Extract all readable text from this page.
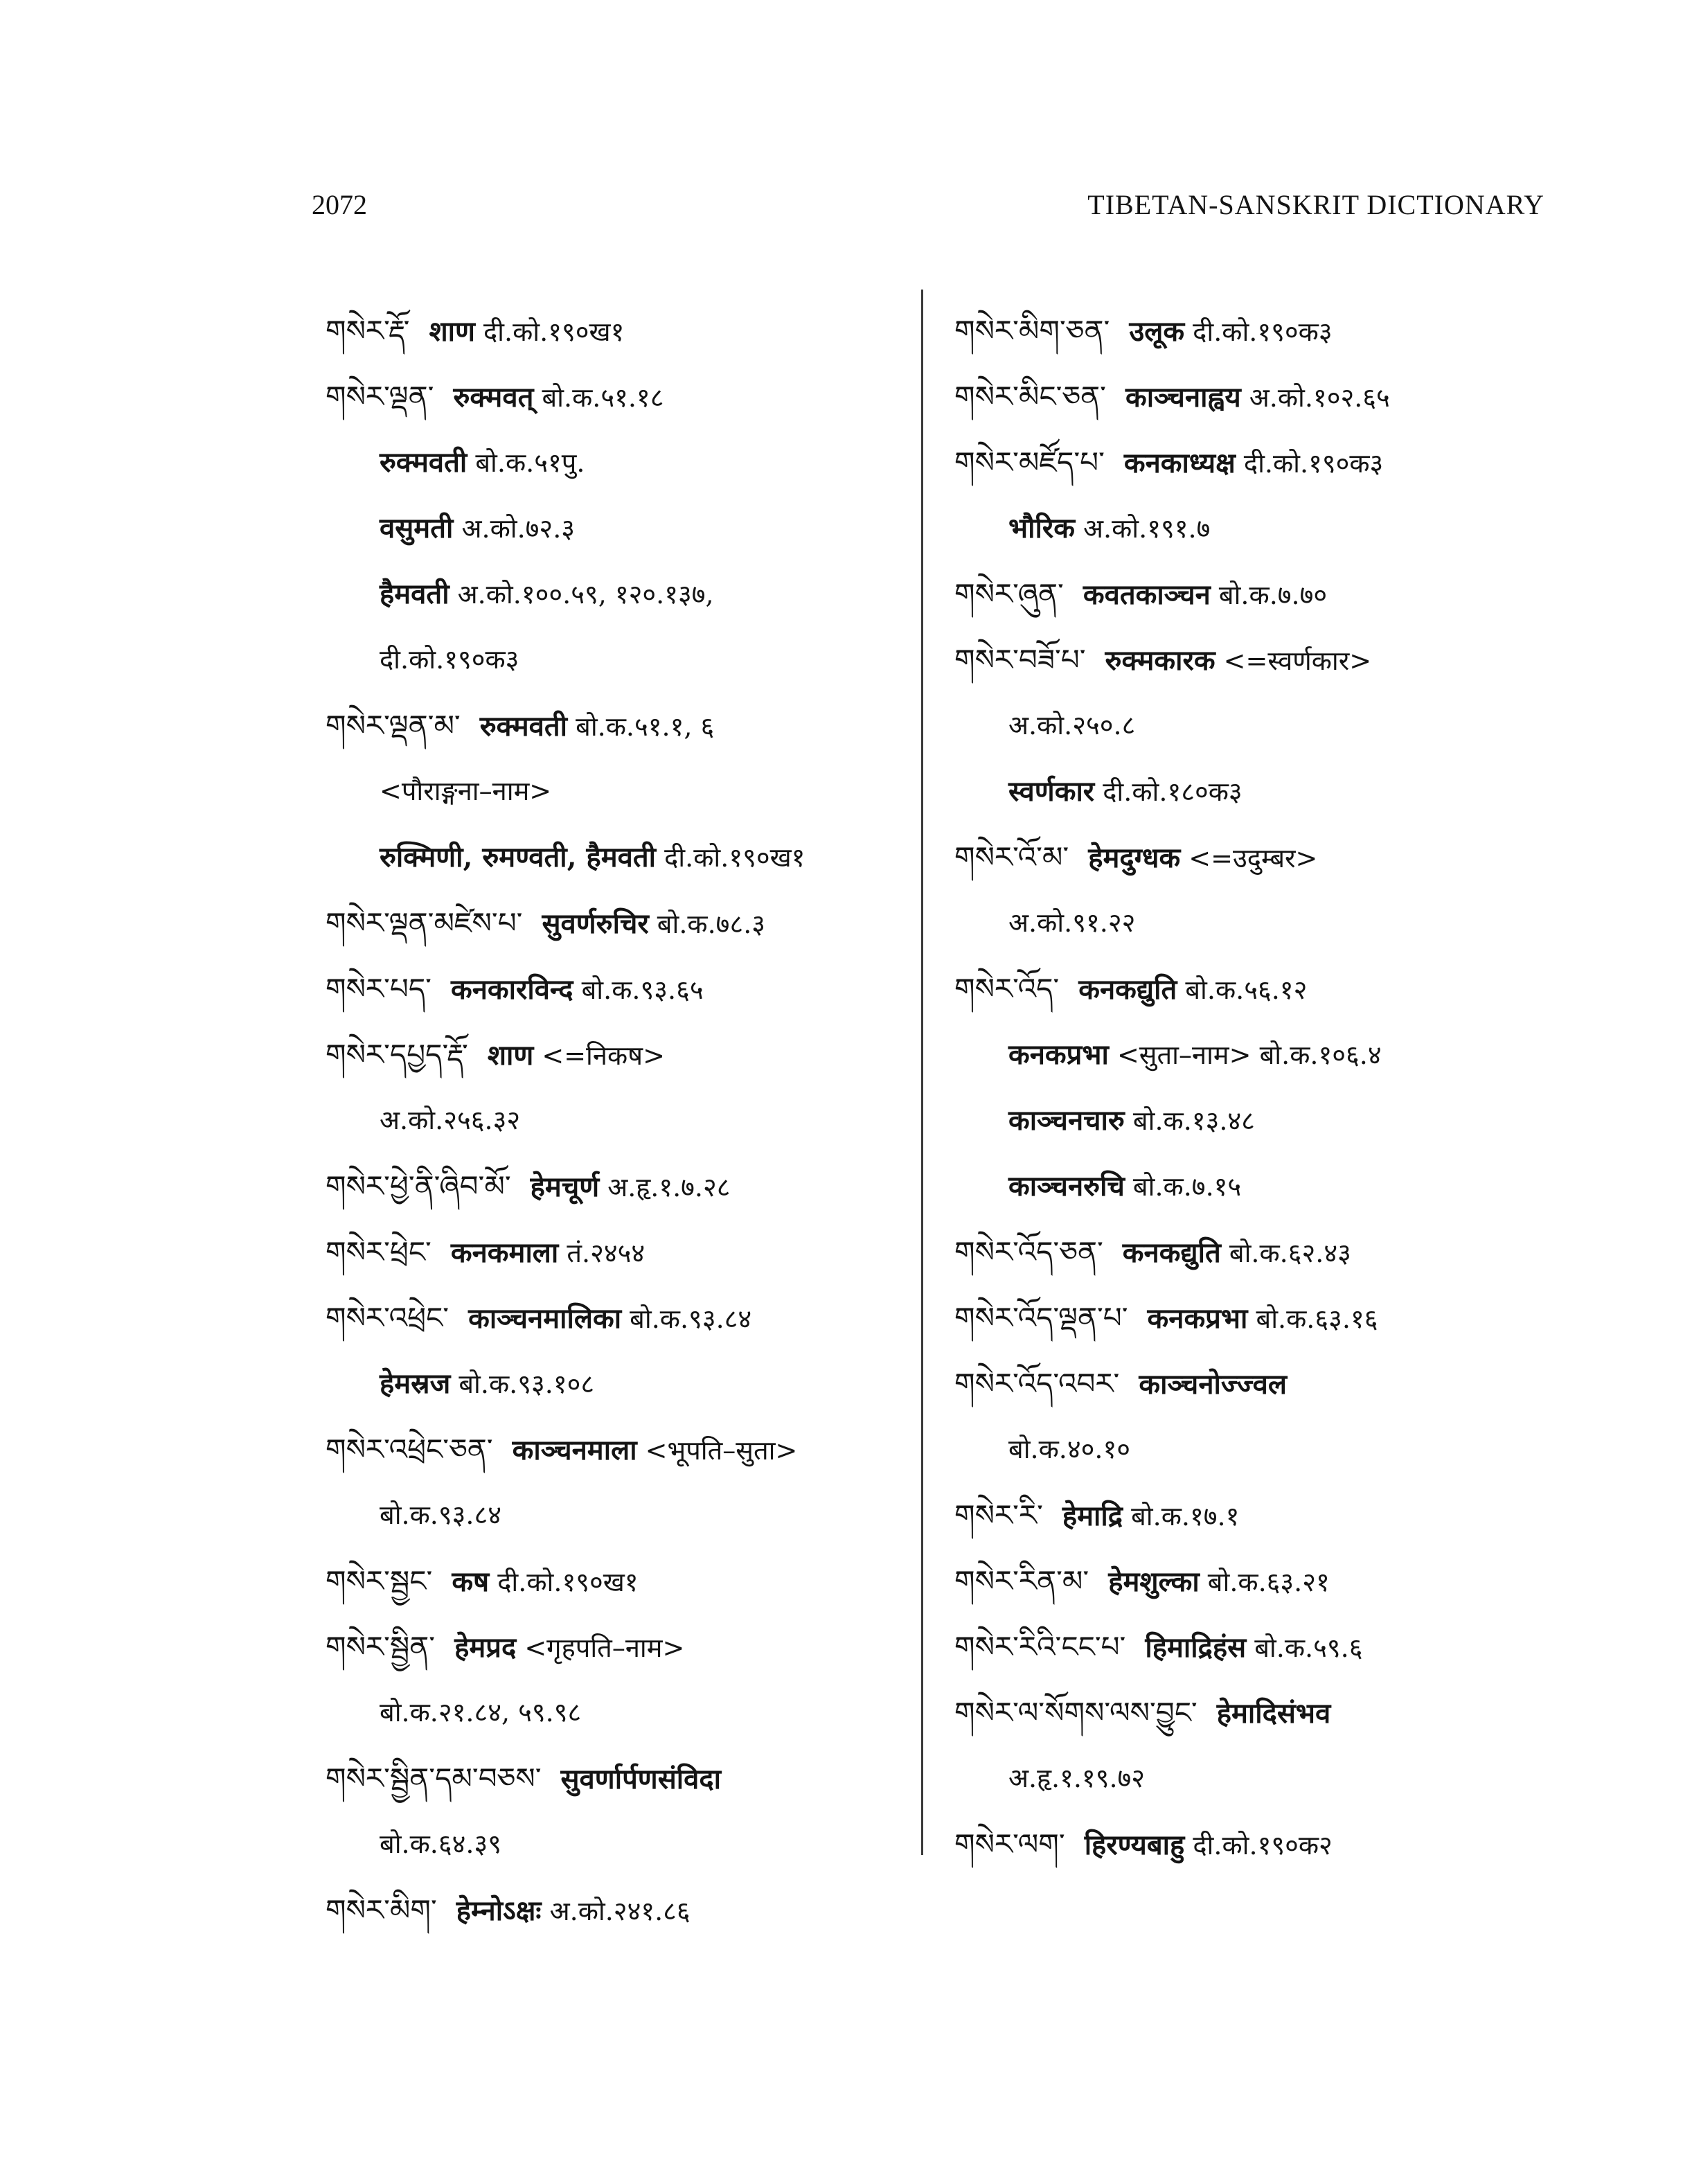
2072	TIBETAN-SANSKRIT DICTIONARY
གསེར་རྡོ་ शाण दी.को.१९०ख१
གསེར་ལྡན་ रुक्मवत् बो.क.५१.१८
रुक्मवती बो.क.५१पु.
वसुमती अ.को.७२.३
हैमवती अ.को.१००.५९, १२०.१३७,
दी.को.१९०क३
གསེར་ལྡན་མ་ रुक्मवती बो.क.५१.१, ६
<पौराङ्गना–नाम>
रुक्मिणी, रुमण्वती, हैमवती दी.को.१९०ख१
གསེར་ལྡན་མཛེས་པ་ सुवर्णरुचिर बो.क.७८.३
གསེར་པད་ कनकारविन्द बो.क.९३.६५
གསེར་དཔྱད་རྡོ་ शाण <=निकष>
अ.को.२५६.३२
གསེར་ཕྱེ་ནི་ཞིབ་མོ་ हेमचूर्ण अ.हृ.१.७.२८
གསེར་ཕྲེང་ कनकमाला तं.२४५४
གསེར་འཕྲེང་ काञ्चनमालिका बो.क.९३.८४
हेमस्रज बो.क.९३.१०८
གསེར་འཕྲེང་ཅན་ काञ्चनमाला <भूपति–सुता>
बो.क.९३.८४
གསེར་སྦྱང་ कष दी.को.१९०ख१
གསེར་སྦྱིན་ हेमप्रद <गृहपति–नाम>
बो.क.२१.८४, ५९.९८
གསེར་སྦྱིན་དམ་བཅས་ सुवर्णार्पणसंविदा
बो.क.६४.३९
གསེར་མིག་ हेम्नोऽक्षः अ.को.२४१.८६
གསེར་མིག་ཅན་ उलूक दी.को.१९०क३
གསེར་མིང་ཅན་ काञ्चनाह्वय अ.को.१०२.६५
གསེར་མཛོད་པ་ कनकाध्यक्ष दी.को.१९०क३
भौरिक अ.को.१९१.७
གསེར་ཞུན་ कवतकाञ्चन बो.क.७.७०
གསེར་བཟོ་པ་ रुक्मकारक <=स्वर्णकार>
अ.को.२५०.८
स्वर्णकार दी.को.१८०क३
གསེར་འོ་མ་ हेमदुग्धक <=उदुम्बर>
अ.को.९१.२२
གསེར་འོད་ कनकद्युति बो.क.५६.१२
कनकप्रभा <सुता–नाम> बो.क.१०६.४
काञ्चनचारु बो.क.१३.४८
काञ्चनरुचि बो.क.७.१५
གསེར་འོད་ཅན་ कनकद्युति बो.क.६२.४३
གསེར་འོད་ལྡན་པ་ कनकप्रभा बो.क.६३.१६
གསེར་འོད་འབར་ काञ्चनोज्ज्वल
बो.क.४०.१०
གསེར་རི་ हेमाद्रि बो.क.१७.१
གསེར་རིན་མ་ हेमशुल्का बो.क.६३.२१
གསེར་རིའི་ངང་པ་ हिमाद्रिहंस बो.क.५९.६
གསེར་ལ་སོགས་ལས་བྱུང་ हेमादिसंभव
अ.हृ.१.१९.७२
གསེར་ལག་ हिरण्यबाहु दी.को.१९०क२
